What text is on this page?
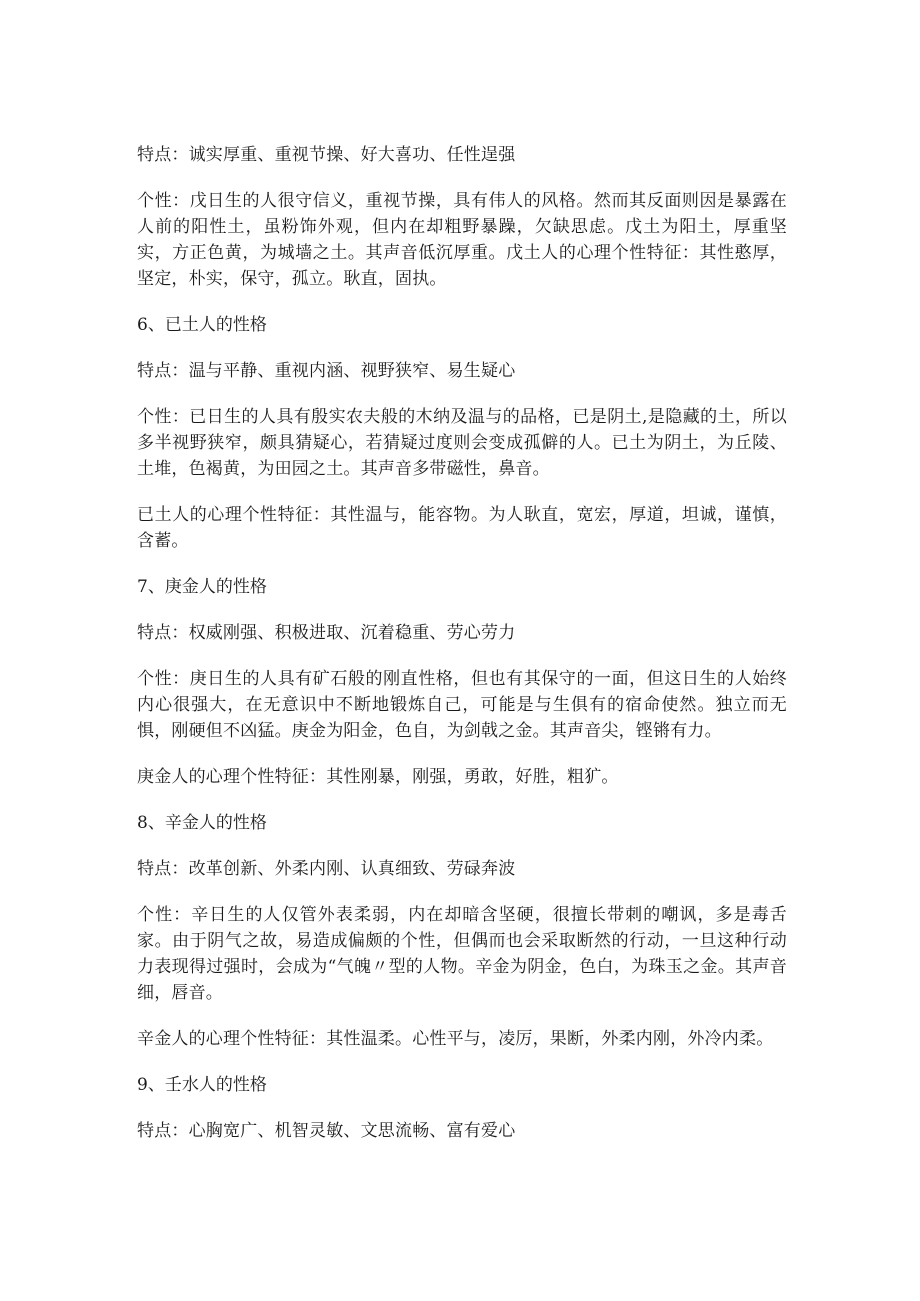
特点：诚实厚重、重视节操、好大喜功、任性逞强

个性：戊日生的人很守信义，重视节操，具有伟人的风格。然而其反面则因是暴露在人前的阳性土，虽粉饰外观，但内在却粗野暴躁，欠缺思虑。戊土为阳土，厚重坚实，方正色黄，为城墙之土。其声音低沉厚重。戊土人的心理个性特征：其性憨厚，坚定，朴实，保守，孤立。耿直，固执。

6、已土人的性格

特点：温与平静、重视内涵、视野狭窄、易生疑心

个性：已日生的人具有殷实农夫般的木纳及温与的品格，已是阴土,是隐藏的土，所以多半视野狭窄，颇具猜疑心，若猜疑过度则会变成孤僻的人。已土为阴土，为丘陵、土堆，色褐黄，为田园之土。其声音多带磁性，鼻音。

已土人的心理个性特征：其性温与，能容物。为人耿直，宽宏，厚道，坦诚，谨慎，含蓄。

7、庚金人的性格

特点：权威刚强、积极进取、沉着稳重、劳心劳力

个性：庚日生的人具有矿石般的刚直性格，但也有其保守的一面，但这日生的人始终内心很强大，在无意识中不断地锻炼自己，可能是与生俱有的宿命使然。独立而无惧，刚硬但不凶猛。庚金为阳金，色自，为剑戟之金。其声音尖，铿锵有力。

庚金人的心理个性特征：其性刚暴，刚强，勇敢，好胜，粗犷。

8、辛金人的性格

特点：改革创新、外柔内刚、认真细致、劳碌奔波

个性：辛日生的人仅管外表柔弱，内在却暗含坚硬，很擅长带刺的嘲讽，多是毒舌家。由于阴气之故，易造成偏颇的个性，但偶而也会采取断然的行动，一旦这种行动力表现得过强时，会成为“气魄〃型的人物。辛金为阴金，色白，为珠玉之金。其声音细，唇音。

辛金人的心理个性特征：其性温柔。心性平与，凌厉，果断，外柔内刚，外冷内柔。

9、壬水人的性格

特点：心胸宽广、机智灵敏、文思流畅、富有爱心
